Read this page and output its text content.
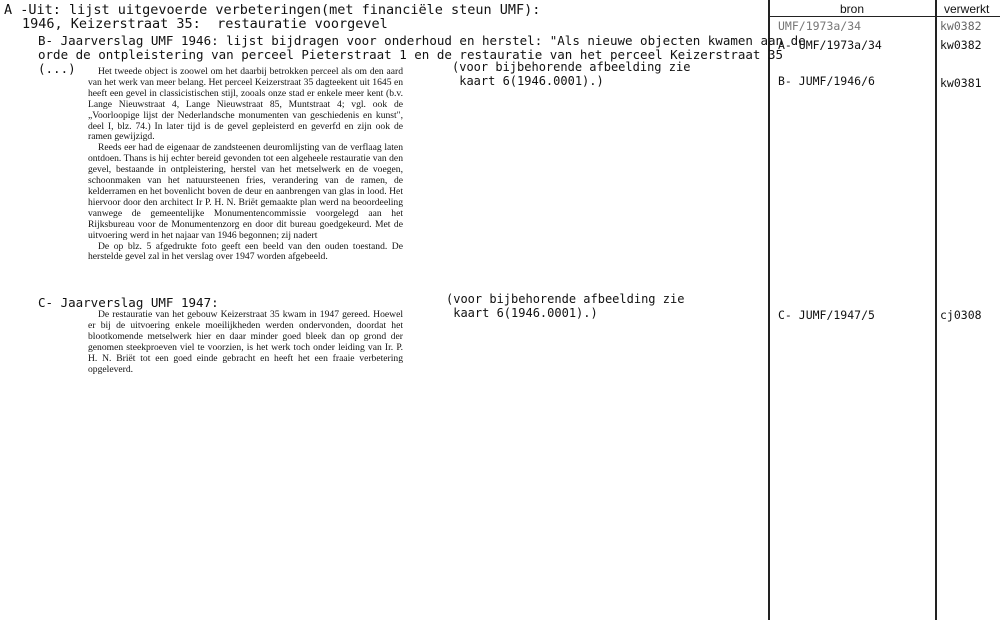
bron	verwerkt
A -Uit: lijst uitgevoerde verbeteringen(met financiële steun UMF):
1946, Keizerstraat 35:  restauratie voorgevel	UMF/1973a/34	kw0382
B- Jaarverslag UMF 1946: lijst bijdragen voor onderhoud en herstel: "Als nieuwe objecten kwamen aan de
orde de ontpleistering van perceel Pieterstraat 1 en de restauratie van het perceel Keizerstraat 35
(...)	(voor bijbehorende afbeelding zie
kaart 6(1946.0001).)
A- UMF/1973a/34	kw0382
B- JUMF/1946/6	kw0381
Het tweede object is zoowel om het daarbij betrokken perceel als om den aard van het werk van meer belang. Het perceel Keizerstraat 35 dagteekent uit 1645 en heeft een gevel in classicistischen stijl, zooals onze stad er enkele meer kent (b.v. Lange Nieuwstraat 4, Lange Nieuwstraat 85, Muntstraat 4; vgl. ook de „Voorloopige lijst der Nederlandsche monumenten van geschiedenis en kunst", deel I, blz. 74.) In later tijd is de gevel gepleisterd en geverfd en zijn ook de ramen gewijzigd.
Reeds eer had de eigenaar de zandsteenen deuromlijsting van de verflaag laten ontdoen. Thans is hij echter bereid gevonden tot een algeheele restauratie van den gevel, bestaande in ontpleistering, herstel van het metselwerk en de voegen, schoonmaken van het natuursteenen fries, verandering van de ramen, de kelderramen en het bovenlicht boven de deur en aanbrengen van glas in lood. Het hiervoor door den architect Ir P. H. N. Briët gemaakte plan werd na beoordeeling vanwege de gemeentelijke Monumentencommissie voorgelegd aan het Rijksbureau voor de Monumentenzorg en door dit bureau goedgekeurd. Met de uitvoering werd in het najaar van 1946 begonnen; zij nadert
De op blz. 5 afgedrukte foto geeft een beeld van den ouden toestand. De herstelde gevel zal in het verslag over 1947 worden afgebeeld.
C- Jaarverslag UMF 1947:	(voor bijbehorende afbeelding zie
kaart 6(1946.0001).)	C- JUMF/1947/5	cj0308
De restauratie van het gebouw Keizerstraat 35 kwam in 1947 gereed. Hoewel er bij de uitvoering enkele moeilijkheden werden ondervonden, doordat het blootkomende metselwerk hier en daar minder goed bleek dan op grond der genomen steekproeven viel te voorzien, is het werk toch onder leiding van Ir. P. H. N. Briët tot een goed einde gebracht en heeft het een fraaie verbetering opgeleverd.
